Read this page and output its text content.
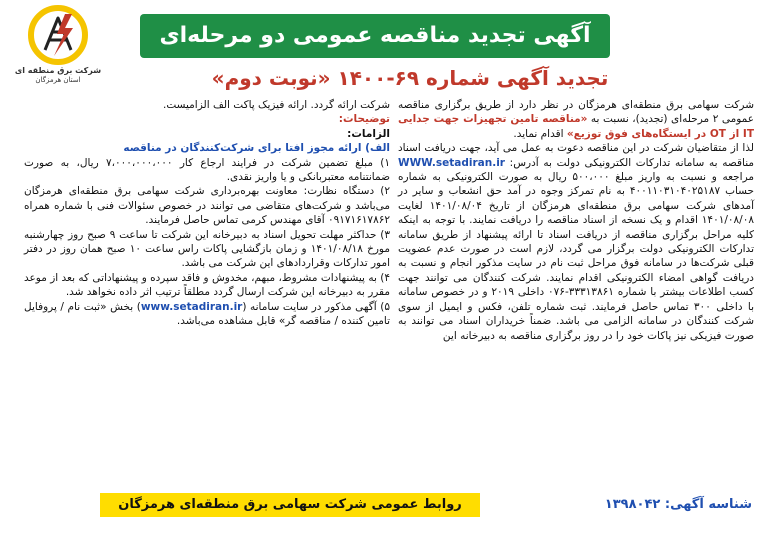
شرکت برق منطقه ای
استان هرمزگان
آگهی تجدید مناقصه عمومی دو مرحله‌ای
تجدید آگهی شماره ۶۹-۱۴۰۰ «نوبت دوم»

شرکت سهامی برق منطقه‌ای هرمزگان در نظر دارد از طریق برگزاری مناقصه عمومی ۲ مرحله‌ای (تجدید)، نسبت به «مناقصه تامین تجهیزات جهت جدایی IT از OT در ایستگاه‌های فوق توزیع» اقدام نماید.

لذا از متقاضیان شرکت در این مناقصه دعوت به عمل می آید، جهت دریافت اسناد مناقصه به سامانه تدارکات الکترونیکی دولت به آدرس: WWW.setadiran.ir مراجعه و نسبت به واریز مبلغ ۵۰۰،۰۰۰ ریال به صورت الکترونیکی به شماره حساب ۴۰۰۱۱۰۳۱۰۴۰۲۵۱۸۷ به نام تمرکز وجوه در آمد حق انشعاب و سایر در آمدهای شرکت سهامی برق منطقه‌ای هرمزگان از تاریخ ۱۴۰۱/۰۸/۰۴ لغایت ۱۴۰۱/۰۸/۰۸ اقدام و یک نسخه از اسناد مناقصه را دریافت نمایند. با توجه به اینکه کلیه مراحل برگزاری مناقصه از دریافت اسناد تا ارائه پیشنهاد از طریق سامانه تدارکات الکترونیکی دولت برگزار می گردد، لازم است در صورت عدم عضویت قبلی شرکت‌ها در سامانه فوق مراحل ثبت نام در سایت مذکور انجام و نسبت به دریافت گواهی امضاء الکترونیکی اقدام نمایند. شرکت کنندگان می توانند جهت کسب اطلاعات بیشتر با شماره ۳۳۳۱۳۸۶۱-۰۷۶ داخلی ۲۰۱۹ و در خصوص سامانه با داخلی ۳۰۰ تماس حاصل فرمایند. ثبت شماره تلفن، فکس و ایمیل از سوی شرکت کنندگان در سامانه الزامی می باشد. ضمناً خریداران اسناد می توانند به صورت فیزیکی نیز پاکات خود را در روز برگزاری مناقصه به دبیرخانه این

شرکت ارائه گردد. ارائه فیزیک پاکت الف الزامیست.

توضیحات:

الزامات:

الف) ارائه مجوز افتا برای شرکت‌کنندگان در مناقصه

۱) مبلغ تضمین شرکت در فرایند ارجاع کار ۷،۰۰۰،۰۰۰،۰۰۰ ریال، به صورت ضمانتنامه معتبربانکی و یا واریز نقدی.

۲) دستگاه نظارت: معاونت بهره‌برداری شرکت سهامی برق منطقه‌ای هرمزگان می‌باشد و شرکت‌های متقاضی می توانند در خصوص سئوالات فنی با شماره همراه ۰۹۱۷۱۶۱۷۸۶۲ آقای مهندس کرمی تماس حاصل فرمایند.

۳) حداکثر مهلت تحویل اسناد به دبیرخانه این شرکت تا ساعت ۹ صبح روز چهارشنبه مورخ ۱۴۰۱/۰۸/۱۸ و زمان بازگشایی پاکات راس ساعت ۱۰ صبح همان روز در دفتر امور تدارکات وقراردادهای این شرکت می باشد.

۴) به پیشنهادات مشروط، مبهم، مخدوش و فاقد سپرده و پیشنهاداتی که بعد از موعد مقرر به دبیرخانه این شرکت ارسال گردد مطلقاً ترتیب اثر داده نخواهد شد.

۵) آگهی مذکور در سایت سامانه (www.setadiran.ir) بخش «ثبت نام / پروفایل تامین کننده / مناقصه گر» قابل مشاهده می‌باشد.

شناسه آگهی: ۱۳۹۸۰۴۲
روابط عمومی شرکت سهامی برق منطقه‌ای هرمزگان
